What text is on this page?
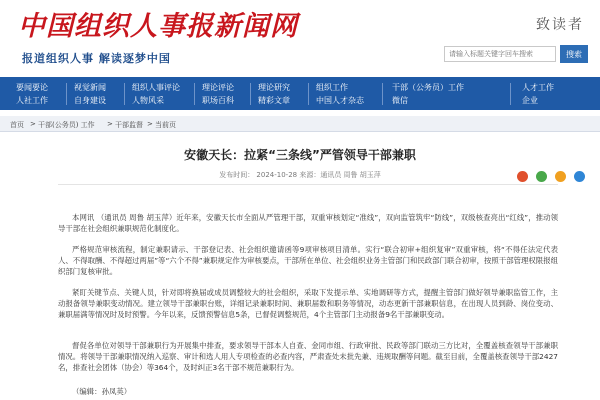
中国组织人事报新闻网	致读者
报道组织人事 解读逐梦中国
请输入标题关键字回车搜索	搜索
要闻要论
人社工作
视觉新闻
自身建设
组织人事评论
人物风采
理论评论
职场百科
理论研究
精彩文章
组织工作
中国人才杂志
干部（公务员）工作
微信
人才工作
企业
首页 > 干部(公务员) 工作 > 干部监督 > 当前页
安徽天长：拉紧“三条线”严管领导干部兼职
发布时间： 2024-10-28 来源：通讯员 周鲁 胡玉萍

本网讯 （通讯员 周鲁 胡玉萍）近年来，安徽天长市全面从严管理干部，双重审核划定“准线”，双向监管筑牢“防线”，双级核查亮出“红线”，推动领导干部在社会组织兼职规范化制度化。

严格规范审核流程，制定兼职请示、干部登记表、社会组织邀请函等9项审核项目清单。实行“联合初审+组织复审”双重审核，将“不得任法定代表人、不得取酬、不得超过两届”等“六个不得”兼职规定作为审核要点，干部所在单位、社会组织业务主管部门和民政部门联合初审，按照干部管理权限报组织部门复核审批。

紧盯关键节点、关键人员，针对即将换届或成员调整较大的社会组织，采取下发提示单、实地调研等方式，提醒主管部门做好领导兼职监管工作，主动报备领导兼职变动情况。建立领导干部兼职台账，详细记录兼职时间、兼职届数和职务等情况，动态更新干部兼职信息，在出现人员到龄、岗位变动、兼职届满等情况时及时预警。今年以来，反馈预警信息5条，已督促调整规范，4个主管部门主动报备9名干部兼职变动。

督促各单位对领导干部兼职行为开展集中排查，要求领导干部本人自查、金同市组、行政审批、民政等部门联动三方比对，全覆盖核查领导干部兼职情况。将领导干部兼职情况纳入巡察、审计和选人用人专项检查的必查内容，严肃查处未批先兼、违规取酬等问题。截至目前，全覆盖核查领导干部2427名，排查社会团体（协会）等364个，及时纠正3名干部不规范兼职行为。

（编辑：孙凤英）
